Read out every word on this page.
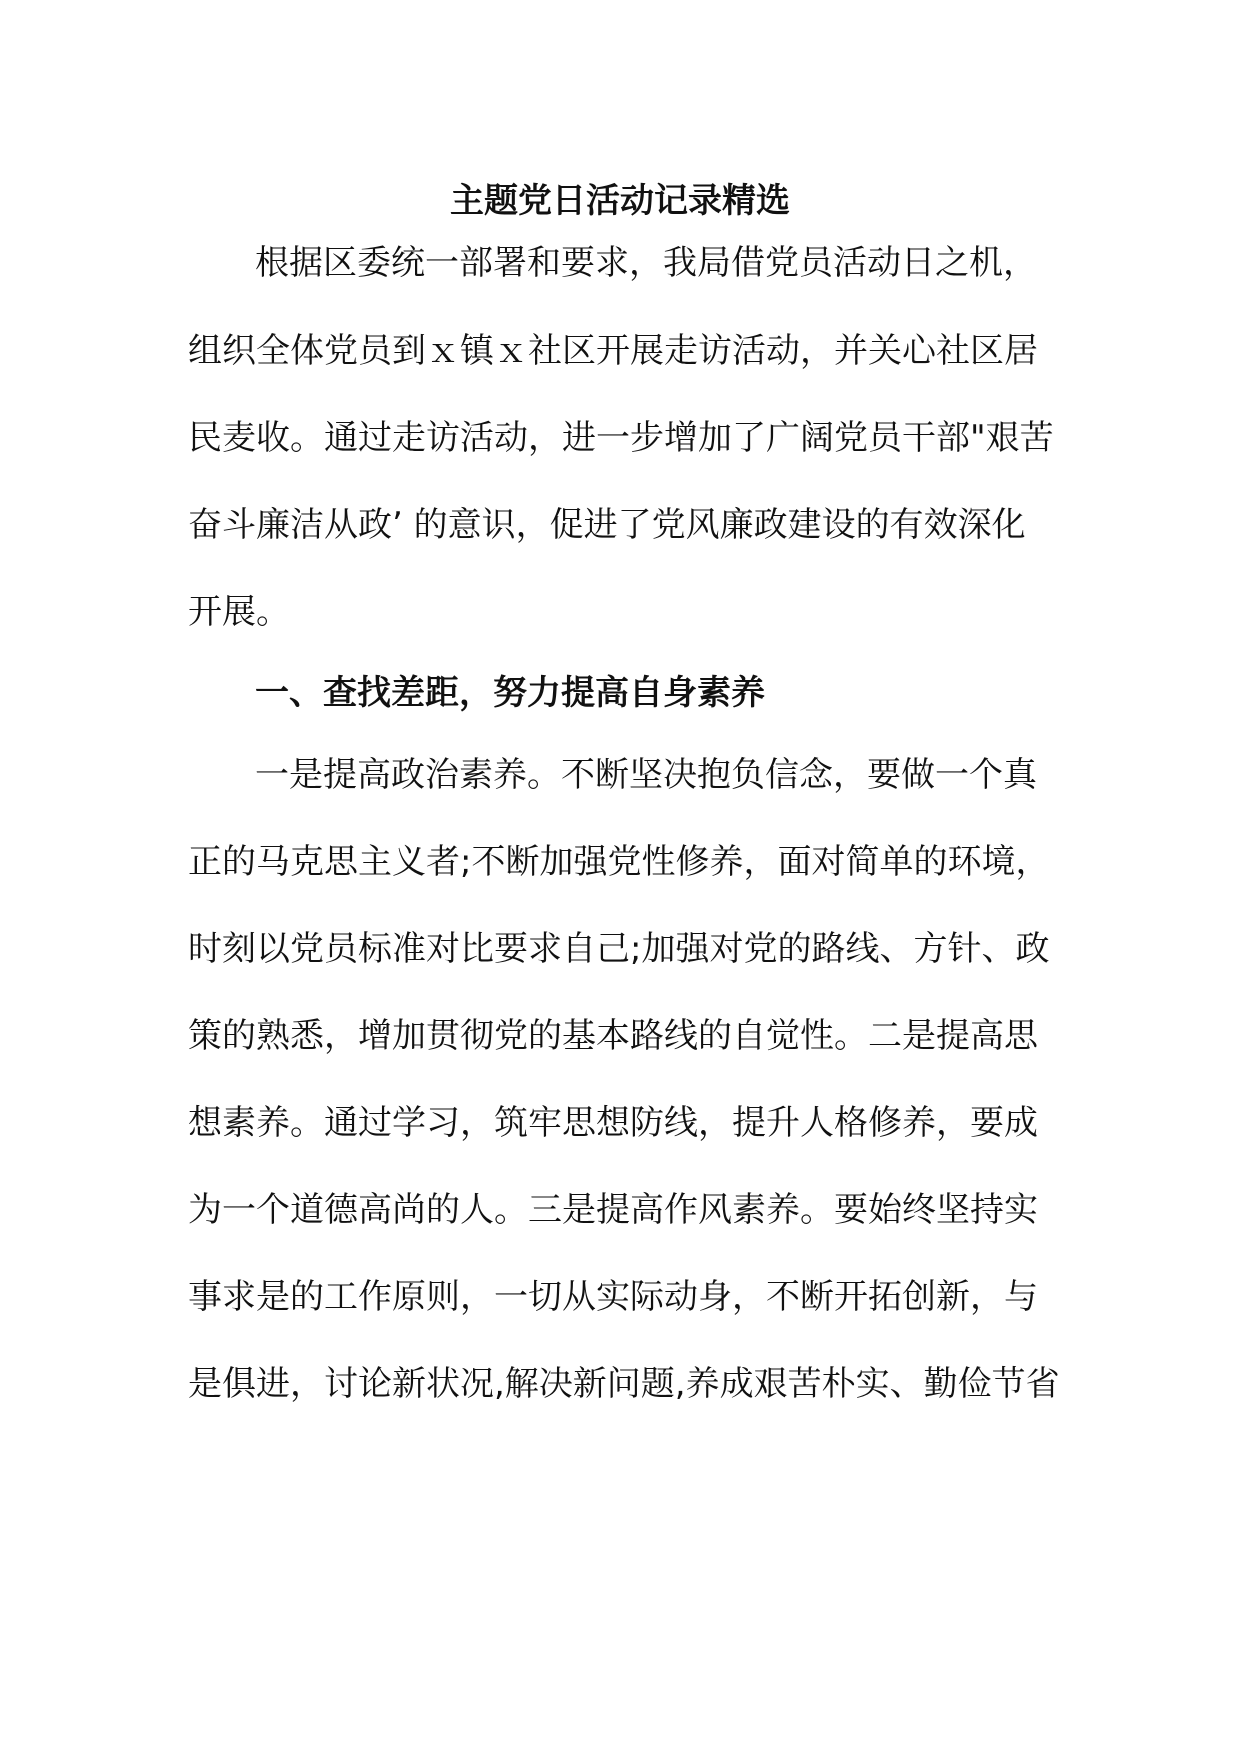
主题党日活动记录精选
根据区委统一部署和要求，我局借党员活动日之机，
组织全体党员到ｘ镇ｘ社区开展走访活动，并关心社区居
民麦收。通过走访活动，进一步增加了广阔党员干部"艰苦
奋斗廉洁从政’ 的意识，促进了党风廉政建设的有效深化
开展。
一、查找差距，努力提高自身素养
一是提高政治素养。不断坚决抱负信念，要做一个真
正的马克思主义者;不断加强党性修养，面对简单的环境，
时刻以党员标准对比要求自己;加强对党的路线、方针、政
策的熟悉，增加贯彻党的基本路线的自觉性。二是提高思
想素养。通过学习，筑牢思想防线，提升人格修养，要成
为一个道德高尚的人。三是提高作风素养。要始终坚持实
事求是的工作原则，一切从实际动身，不断开拓创新，与
是俱进，讨论新状况,解决新问题,养成艰苦朴实、勤俭节省
